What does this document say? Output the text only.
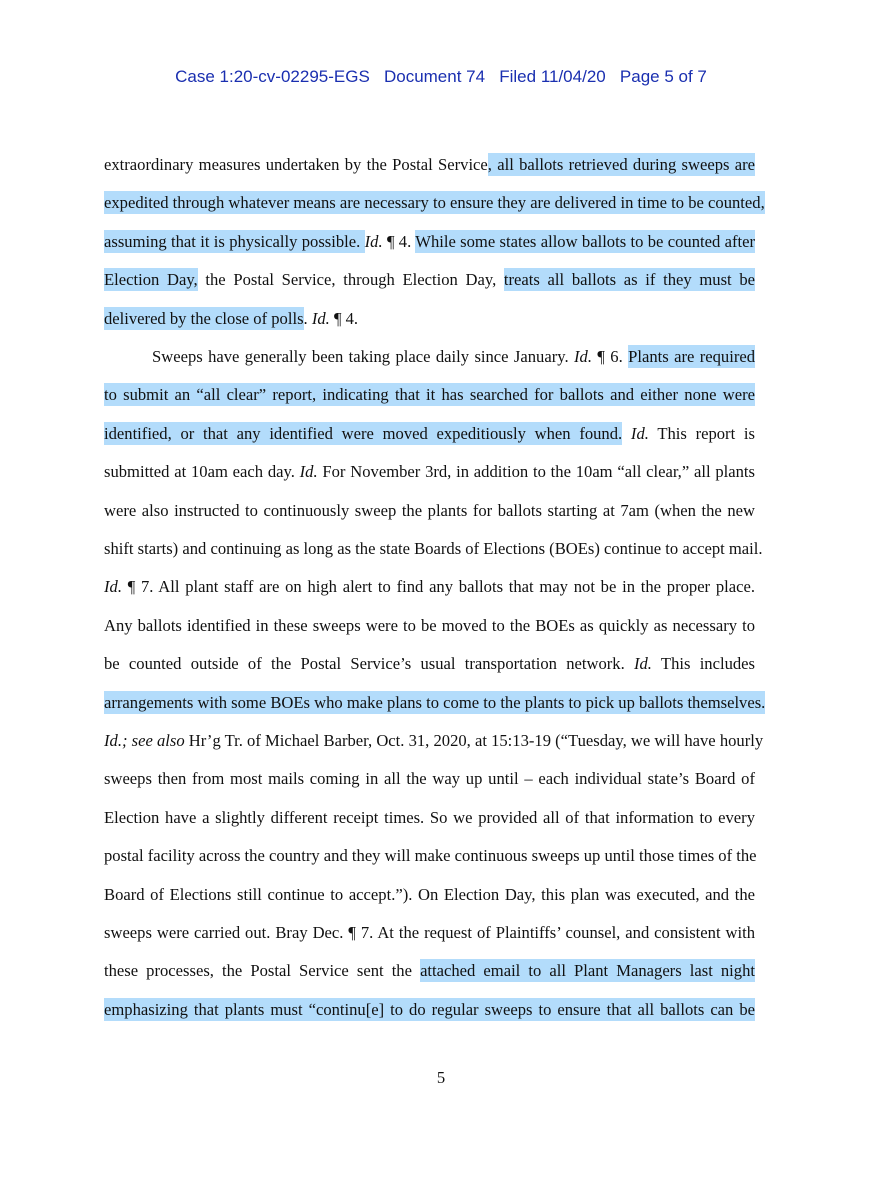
Case 1:20-cv-02295-EGS   Document 74   Filed 11/04/20   Page 5 of 7
extraordinary measures undertaken by the Postal Service, all ballots retrieved during sweeps are
expedited through whatever means are necessary to ensure they are delivered in time to be counted,
assuming that it is physically possible. Id. ¶ 4. While some states allow ballots to be counted after
Election Day, the Postal Service, through Election Day, treats all ballots as if they must be
delivered by the close of polls. Id. ¶ 4.
Sweeps have generally been taking place daily since January. Id. ¶ 6. Plants are required
to submit an “all clear” report, indicating that it has searched for ballots and either none were
identified, or that any identified were moved expeditiously when found. Id. This report is
submitted at 10am each day. Id. For November 3rd, in addition to the 10am “all clear,” all plants
were also instructed to continuously sweep the plants for ballots starting at 7am (when the new
shift starts) and continuing as long as the state Boards of Elections (BOEs) continue to accept mail.
Id. ¶ 7. All plant staff are on high alert to find any ballots that may not be in the proper place.
Any ballots identified in these sweeps were to be moved to the BOEs as quickly as necessary to
be counted outside of the Postal Service’s usual transportation network. Id. This includes
arrangements with some BOEs who make plans to come to the plants to pick up ballots themselves.
Id.; see also Hr’g Tr. of Michael Barber, Oct. 31, 2020, at 15:13-19 (“Tuesday, we will have hourly
sweeps then from most mails coming in all the way up until – each individual state’s Board of
Election have a slightly different receipt times. So we provided all of that information to every
postal facility across the country and they will make continuous sweeps up until those times of the
Board of Elections still continue to accept.”). On Election Day, this plan was executed, and the
sweeps were carried out. Bray Dec. ¶ 7. At the request of Plaintiffs’ counsel, and consistent with
these processes, the Postal Service sent the attached email to all Plant Managers last night
emphasizing that plants must “continu[e] to do regular sweeps to ensure that all ballots can be
5
